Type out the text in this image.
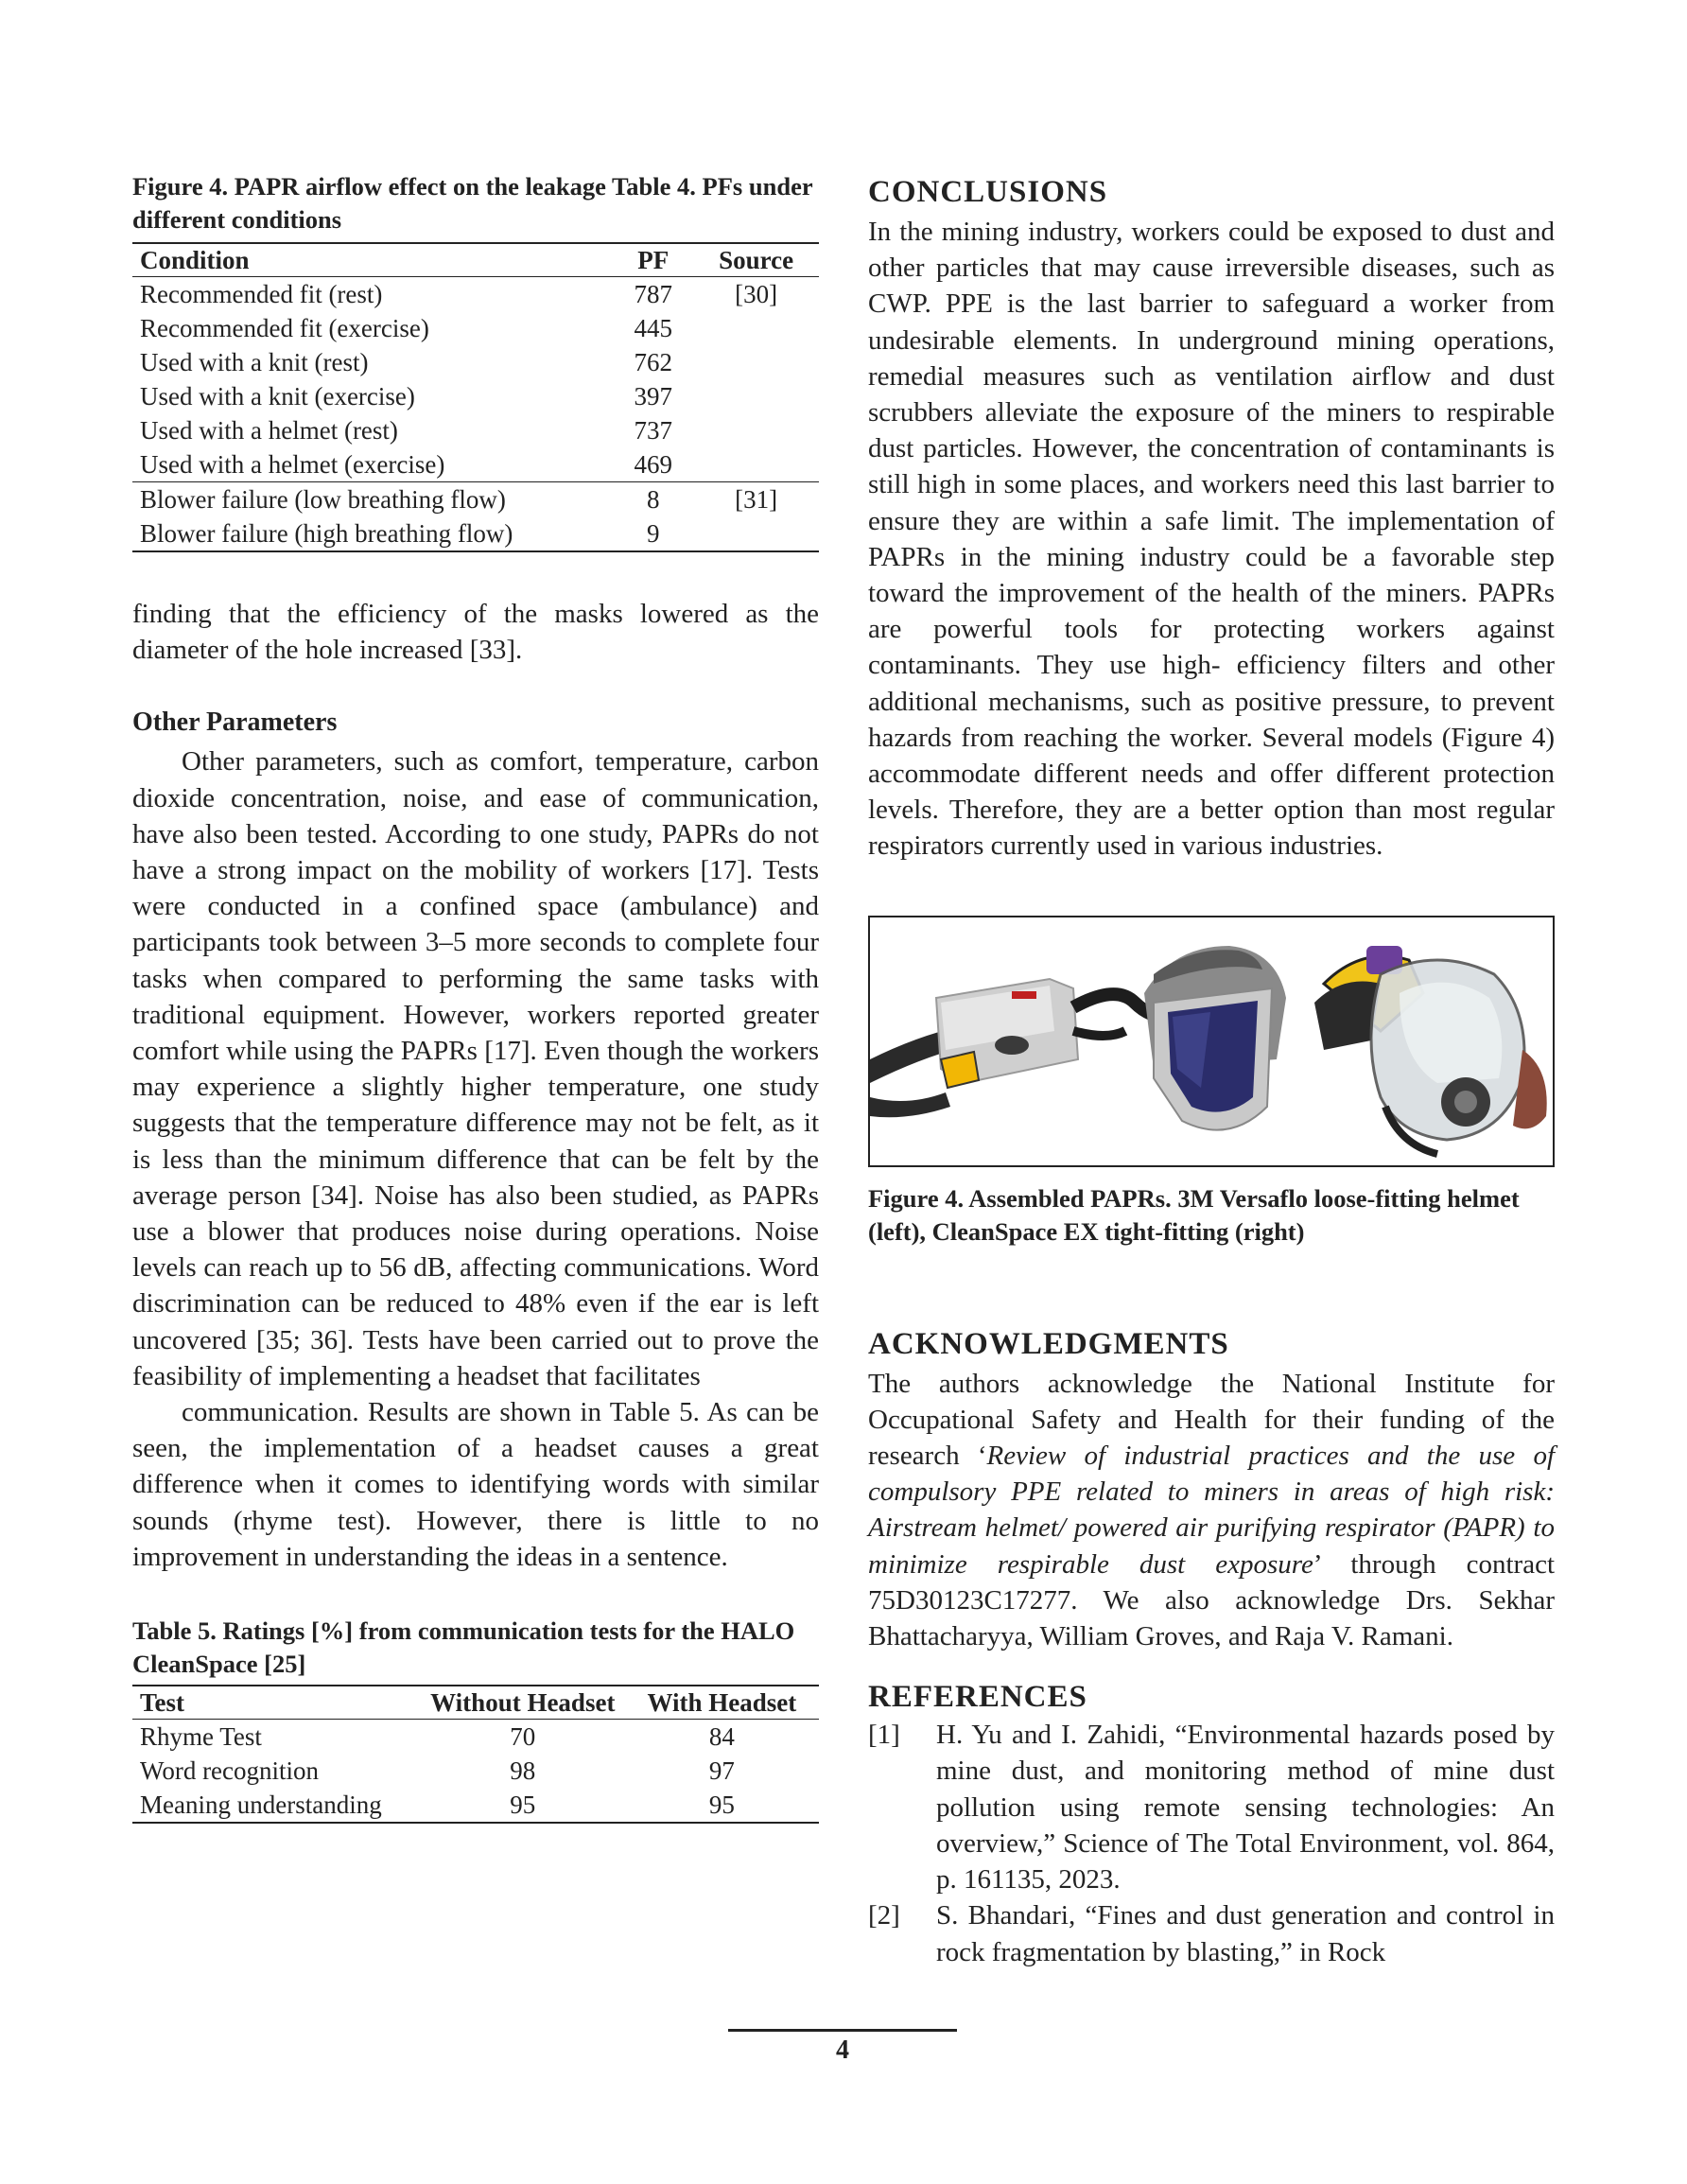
Figure 4. PAPR airflow effect on the leakage Table 4. PFs under different conditions
Condition	PF	Source
Recommended fit (rest)	787	[30]
Recommended fit (exercise)	445	
Used with a knit (rest)	762	
Used with a knit (exercise)	397	
Used with a helmet (rest)	737	
Used with a helmet (exercise)	469	
Blower failure (low breathing flow)	8	[31]
Blower failure (high breathing flow)	9	

finding that the efficiency of the masks lowered as the diameter of the hole increased [33].

Other Parameters

Other parameters, such as comfort, temperature, carbon dioxide concentration, noise, and ease of communication, have also been tested. According to one study, PAPRs do not have a strong impact on the mobility of workers [17]. Tests were conducted in a confined space (ambulance) and participants took between 3–5 more seconds to complete four tasks when compared to performing the same tasks with traditional equipment. However, workers reported greater comfort while using the PAPRs [17]. Even though the workers may experience a slightly higher temperature, one study suggests that the temperature difference may not be felt, as it is less than the minimum difference that can be felt by the average person [34]. Noise has also been studied, as PAPRs use a blower that produces noise during operations. Noise levels can reach up to 56 dB, affecting communications. Word discrimination can be reduced to 48% even if the ear is left uncovered [35; 36]. Tests have been carried out to prove the feasibility of implementing a headset that facilitates

communication. Results are shown in Table 5. As can be seen, the implementation of a headset causes a great difference when it comes to identifying words with similar sounds (rhyme test). However, there is little to no improvement in understanding the ideas in a sentence.

Table 5. Ratings [%] from communication tests for the HALO CleanSpace [25]
Test	Without Headset	With Headset
Rhyme Test	70	84
Word recognition	98	97
Meaning understanding	95	95
CONCLUSIONS

In the mining industry, workers could be exposed to dust and other particles that may cause irreversible diseases, such as CWP. PPE is the last barrier to safeguard a worker from undesirable elements. In underground mining operations, remedial measures such as ventilation airflow and dust scrubbers alleviate the exposure of the miners to respirable dust particles. However, the concentration of contaminants is still high in some places, and workers need this last barrier to ensure they are within a safe limit. The implementation of PAPRs in the mining industry could be a favorable step toward the improvement of the health of the miners. PAPRs are powerful tools for protecting workers against contaminants. They use high- efficiency filters and other additional mechanisms, such as positive pressure, to prevent hazards from reaching the worker. Several models (Figure 4) accommodate different needs and offer different protection levels. Therefore, they are a better option than most regular respirators currently used in various industries.

Figure 4. Assembled PAPRs. 3M Versaflo loose-fitting helmet (left), CleanSpace EX tight-fitting (right)
ACKNOWLEDGMENTS

The authors acknowledge the National Institute for Occupational Safety and Health for their funding of the research ‘Review of industrial practices and the use of compulsory PPE related to miners in areas of high risk: Airstream helmet/ powered air purifying respirator (PAPR) to minimize respirable dust exposure’ through contract 75D30123C17277. We also acknowledge Drs. Sekhar Bhattacharyya, William Groves, and Raja V. Ramani.

REFERENCES
[1] H. Yu and I. Zahidi, “Environmental hazards posed by mine dust, and monitoring method of mine dust pollution using remote sensing technologies: An overview,” Science of The Total Environment, vol. 864, p. 161135, 2023.
[2] S. Bhandari, “Fines and dust generation and control in rock fragmentation by blasting,” in Rock
4
